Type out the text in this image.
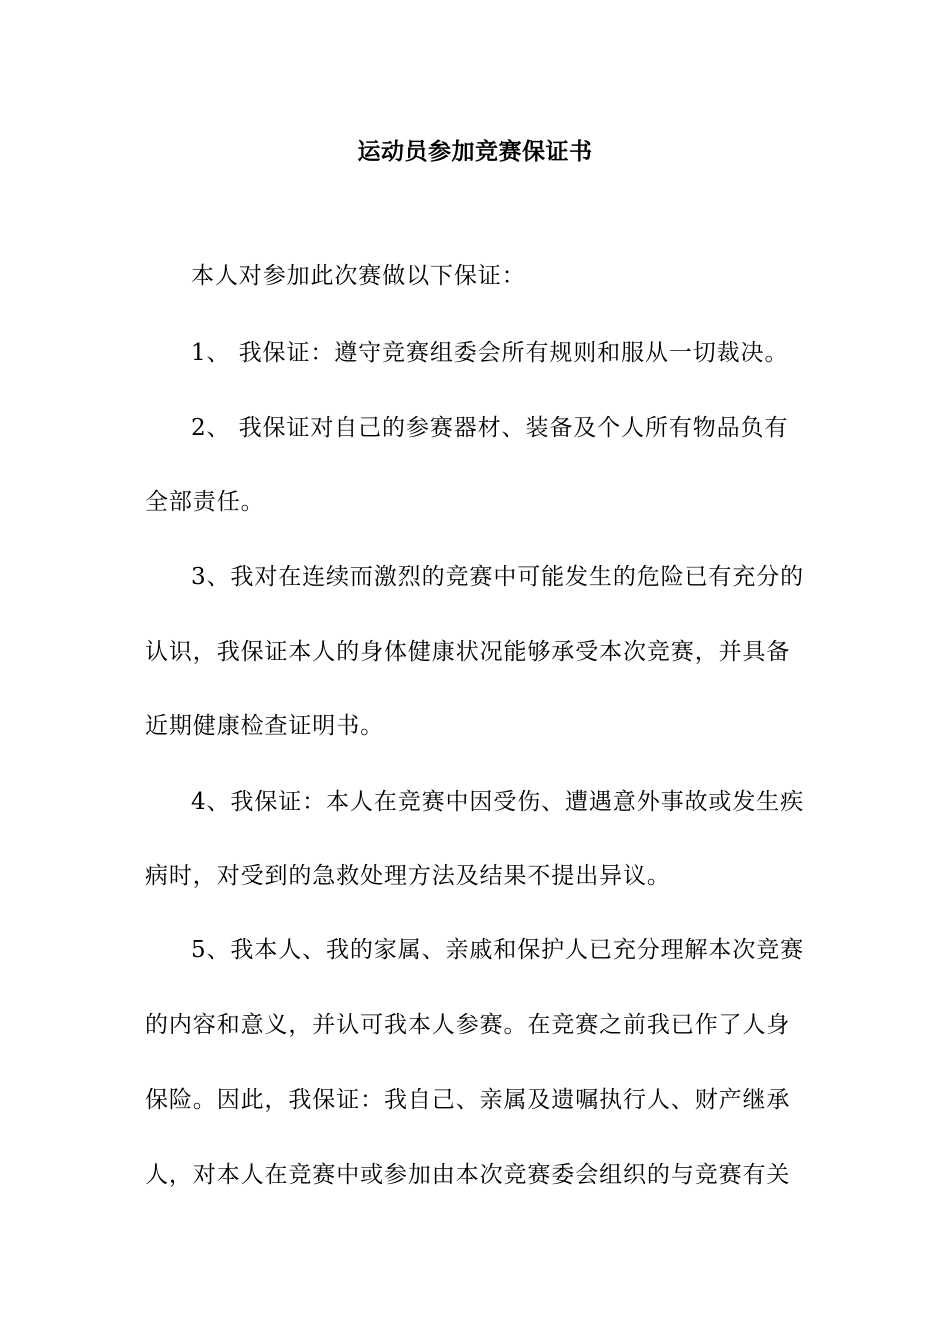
运动员参加竞赛保证书
本人对参加此次赛做以下保证：
1、 我保证：遵守竞赛组委会所有规则和服从一切裁决。
2、 我保证对自己的参赛器材、装备及个人所有物品负有
全部责任。
3、我对在连续而激烈的竞赛中可能发生的危险已有充分的
认识，我保证本人的身体健康状况能够承受本次竞赛，并具备
近期健康检查证明书。
4、我保证：本人在竞赛中因受伤、遭遇意外事故或发生疾
病时，对受到的急救处理方法及结果不提出异议。
5、我本人、我的家属、亲戚和保护人已充分理解本次竞赛
的内容和意义，并认可我本人参赛。在竞赛之前我已作了人身
保险。因此，我保证：我自己、亲属及遗嘱执行人、财产继承
人，对本人在竞赛中或参加由本次竞赛委会组织的与竞赛有关
